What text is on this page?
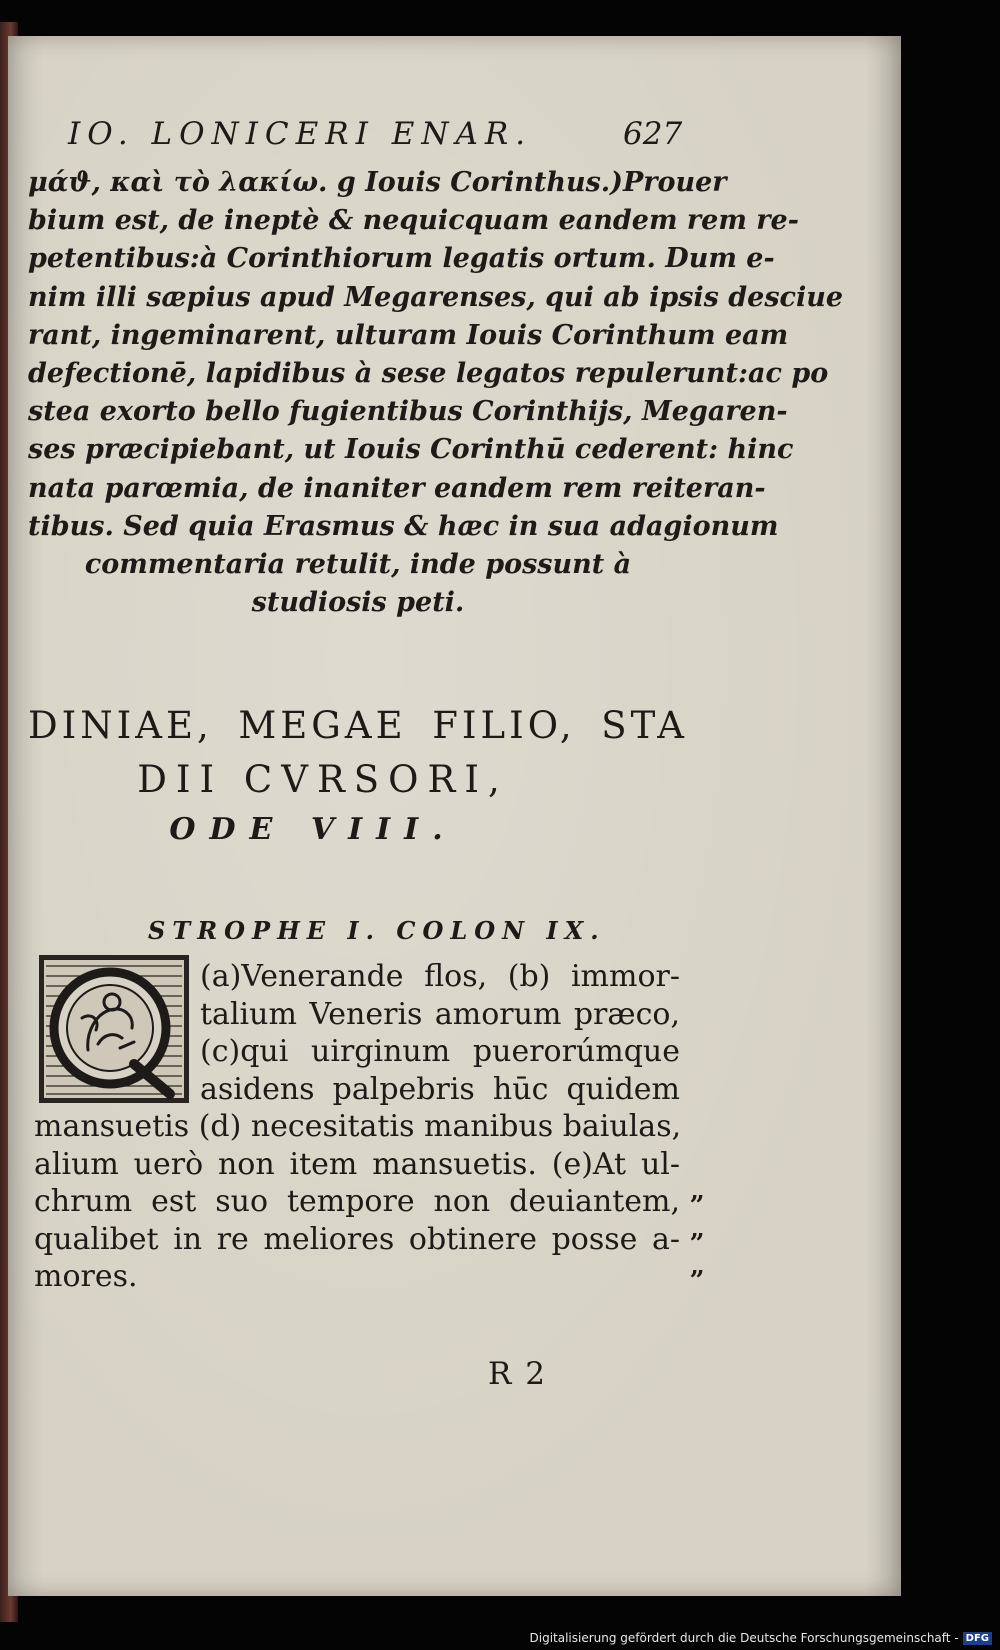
IO. LONICERI ENAR.	627
μάϑ, καὶ τὸ λακίω. g Iouis Corinthus.)Prouer
bium est, de ineptè & nequicquam eandem rem re-
petentibus:à Corinthiorum legatis ortum. Dum e-
nim illi sæpius apud Megarenses, qui ab ipsis desciue
rant, ingeminarent, ulturam Iouis Corinthum eam
defectionē, lapidibus à sese legatos repulerunt:ac po
stea exorto bello fugientibus Corinthijs, Megaren-
ses præcipiebant, ut Iouis Corinthū cederent: hinc
nata parœmia, de inaniter eandem rem reiteran-
tibus. Sed quia Erasmus & hæc in sua adagionum
commentaria retulit, inde possunt à
studiosis peti.
DINIAE, MEGAE FILIO, STA
DII CVRSORI,
ODE VIII.
STROPHE I. COLON IX.
(a)Venerande flos, (b) immor-
talium Veneris amorum præco,
(c)qui uirginum puerorúmque
asidens palpebris hūc quidem
mansuetis (d) necesitatis manibus baiulas,
alium uerò non item mansuetis. (e)At ul-
chrum est suo tempore non deuiantem,
qualibet in re meliores obtinere posse a-
mores.
„
„
„
R 2
Digitalisierung gefördert durch die Deutsche Forschungsgemeinschaft - DFG
